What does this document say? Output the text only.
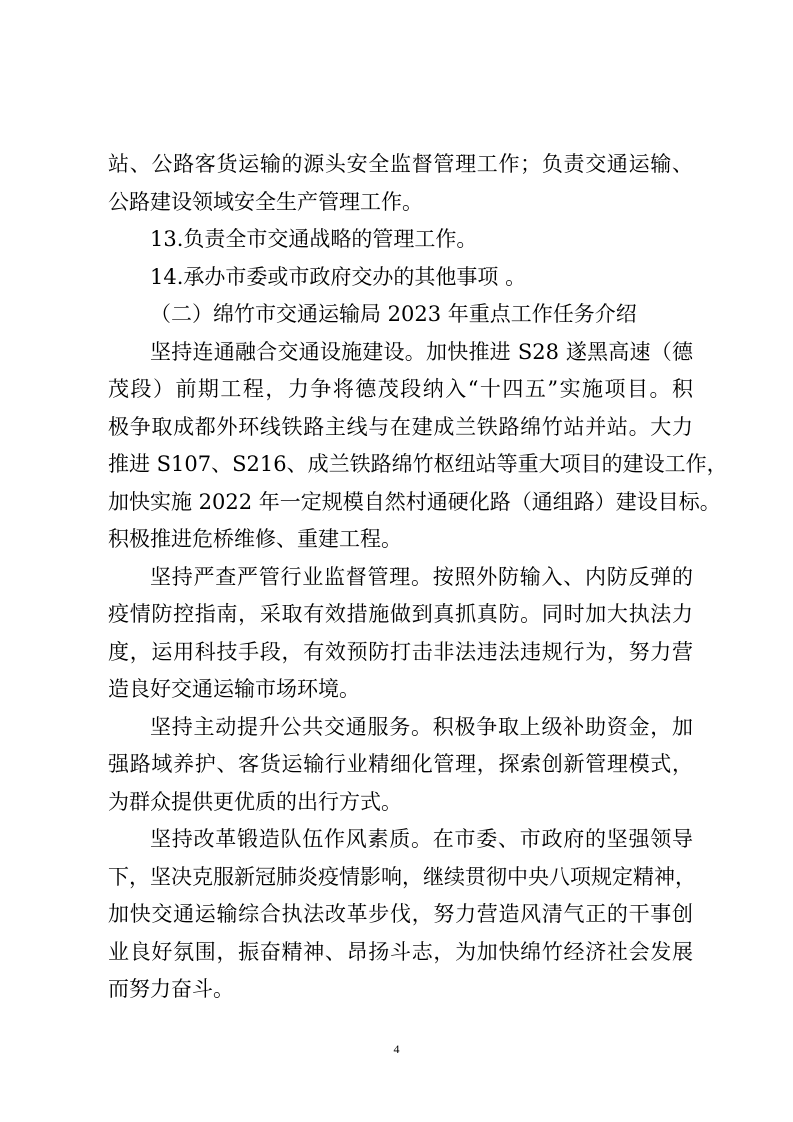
站、公路客货运输的源头安全监督管理工作；负责交通运输、
公路建设领域安全生产管理工作。
13.负责全市交通战略的管理工作。
14.承办市委或市政府交办的其他事项 。
（二）绵竹市交通运输局 2023 年重点工作任务介绍
坚持连通融合交通设施建设。加快推进 S28 遂黑高速（德
茂段）前期工程，力争将德茂段纳入“十四五”实施项目。积
极争取成都外环线铁路主线与在建成兰铁路绵竹站并站。大力
推进 S107、S216、成兰铁路绵竹枢纽站等重大项目的建设工作，
加快实施 2022 年一定规模自然村通硬化路（通组路）建设目标。
积极推进危桥维修、重建工程。
坚持严查严管行业监督管理。按照外防输入、内防反弹的
疫情防控指南，采取有效措施做到真抓真防。同时加大执法力
度，运用科技手段，有效预防打击非法违法违规行为，努力营
造良好交通运输市场环境。
坚持主动提升公共交通服务。积极争取上级补助资金，加
强路域养护、客货运输行业精细化管理，探索创新管理模式，
为群众提供更优质的出行方式。
坚持改革锻造队伍作风素质。在市委、市政府的坚强领导
下，坚决克服新冠肺炎疫情影响，继续贯彻中央八项规定精神，
加快交通运输综合执法改革步伐，努力营造风清气正的干事创
业良好氛围，振奋精神、昂扬斗志，为加快绵竹经济社会发展
而努力奋斗。
4
